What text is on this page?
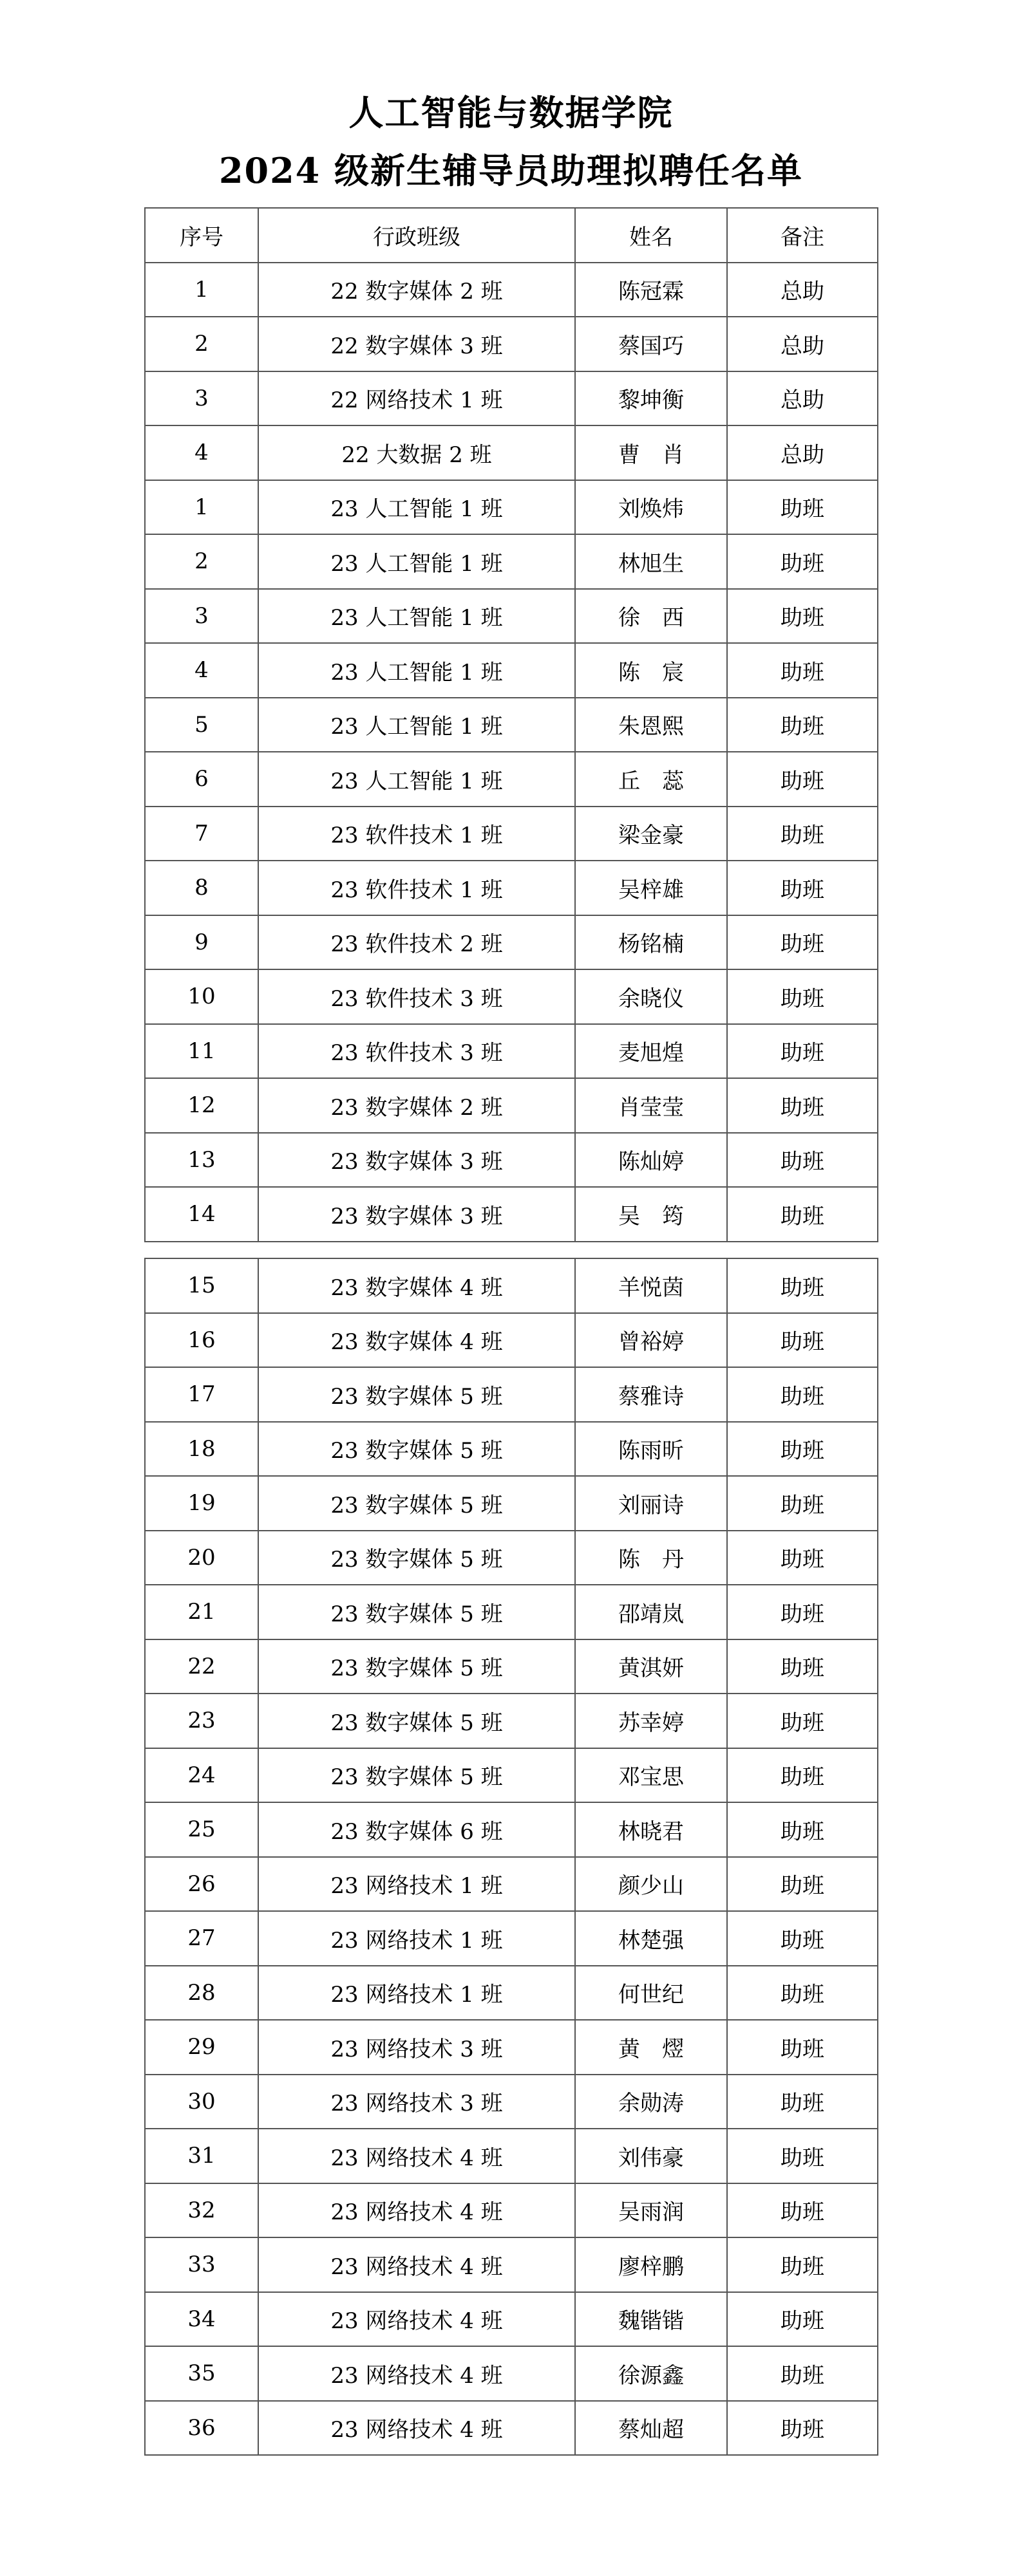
人工智能与数据学院
2024 级新生辅导员助理拟聘任名单
序号	行政班级	姓名	备注
1	22 数字媒体 2 班	陈冠霖	总助
2	22 数字媒体 3 班	蔡国巧	总助
3	22 网络技术 1 班	黎坤衡	总助
4	22 大数据 2 班	曹　肖	总助
1	23 人工智能 1 班	刘焕炜	助班
2	23 人工智能 1 班	林旭生	助班
3	23 人工智能 1 班	徐　西	助班
4	23 人工智能 1 班	陈　宸	助班
5	23 人工智能 1 班	朱恩熙	助班
6	23 人工智能 1 班	丘　蕊	助班
7	23 软件技术 1 班	梁金豪	助班
8	23 软件技术 1 班	吴梓雄	助班
9	23 软件技术 2 班	杨铭楠	助班
10	23 软件技术 3 班	余晓仪	助班
11	23 软件技术 3 班	麦旭煌	助班
12	23 数字媒体 2 班	肖莹莹	助班
13	23 数字媒体 3 班	陈灿婷	助班
14	23 数字媒体 3 班	吴　筠	助班
15	23 数字媒体 4 班	羊悦茵	助班
16	23 数字媒体 4 班	曾裕婷	助班
17	23 数字媒体 5 班	蔡雅诗	助班
18	23 数字媒体 5 班	陈雨昕	助班
19	23 数字媒体 5 班	刘丽诗	助班
20	23 数字媒体 5 班	陈　丹	助班
21	23 数字媒体 5 班	邵靖岚	助班
22	23 数字媒体 5 班	黄淇妍	助班
23	23 数字媒体 5 班	苏幸婷	助班
24	23 数字媒体 5 班	邓宝思	助班
25	23 数字媒体 6 班	林晓君	助班
26	23 网络技术 1 班	颜少山	助班
27	23 网络技术 1 班	林楚强	助班
28	23 网络技术 1 班	何世纪	助班
29	23 网络技术 3 班	黄　熤	助班
30	23 网络技术 3 班	余勋涛	助班
31	23 网络技术 4 班	刘伟豪	助班
32	23 网络技术 4 班	吴雨润	助班
33	23 网络技术 4 班	廖梓鹏	助班
34	23 网络技术 4 班	魏锴锴	助班
35	23 网络技术 4 班	徐源鑫	助班
36	23 网络技术 4 班	蔡灿超	助班
